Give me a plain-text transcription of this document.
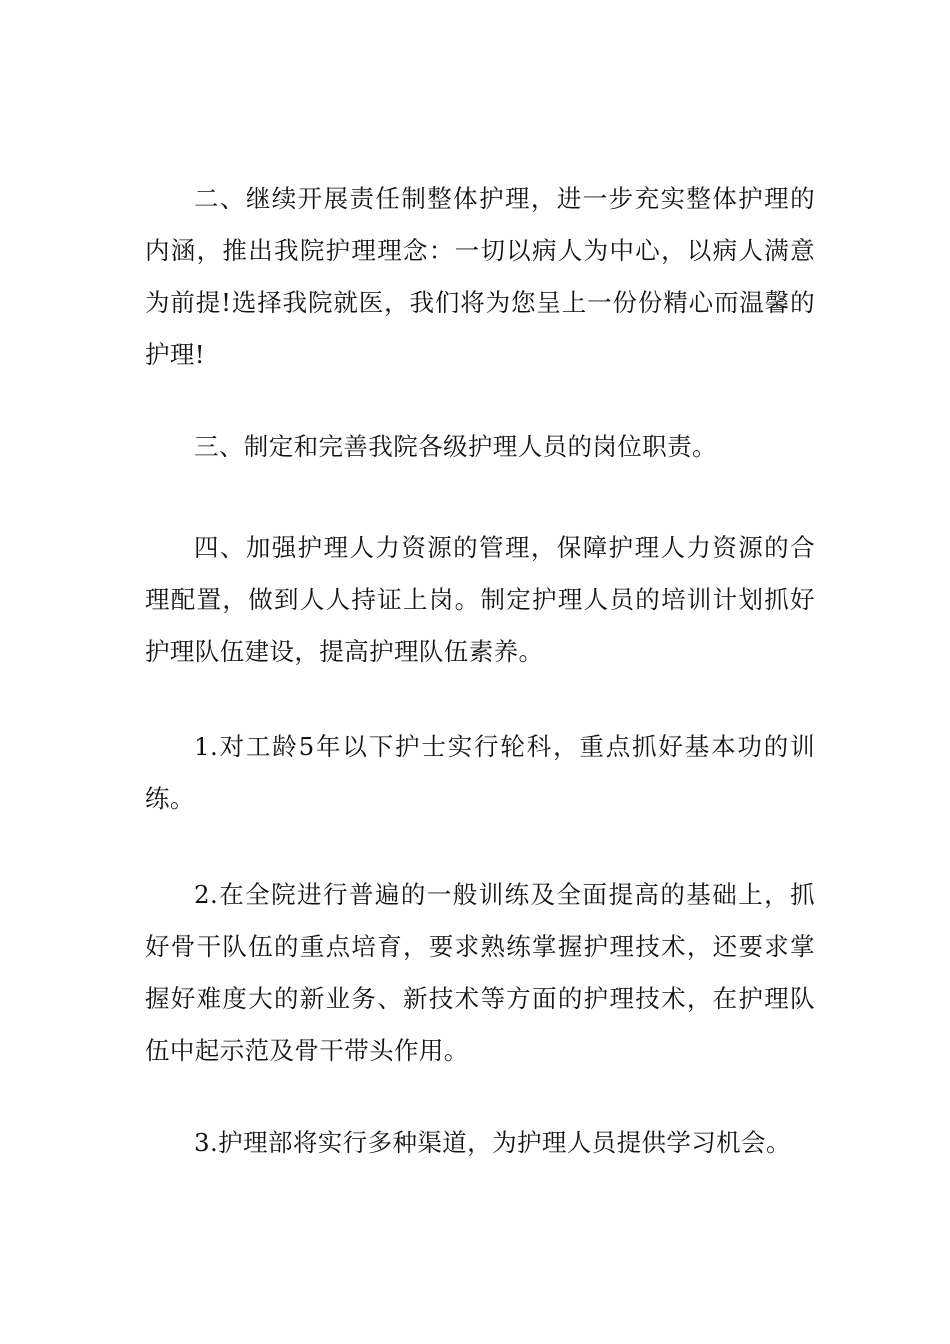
二、继续开展责任制整体护理，进一步充实整体护理的内涵，推出我院护理理念：一切以病人为中心，以病人满意为前提!选择我院就医，我们将为您呈上一份份精心而温馨的护理!

三、制定和完善我院各级护理人员的岗位职责。

四、加强护理人力资源的管理，保障护理人力资源的合理配置，做到人人持证上岗。制定护理人员的培训计划抓好护理队伍建设，提高护理队伍素养。

1.对工龄5年以下护士实行轮科，重点抓好基本功的训练。

2.在全院进行普遍的一般训练及全面提高的基础上，抓好骨干队伍的重点培育，要求熟练掌握护理技术，还要求掌握好难度大的新业务、新技术等方面的护理技术，在护理队伍中起示范及骨干带头作用。

3.护理部将实行多种渠道，为护理人员提供学习机会。
